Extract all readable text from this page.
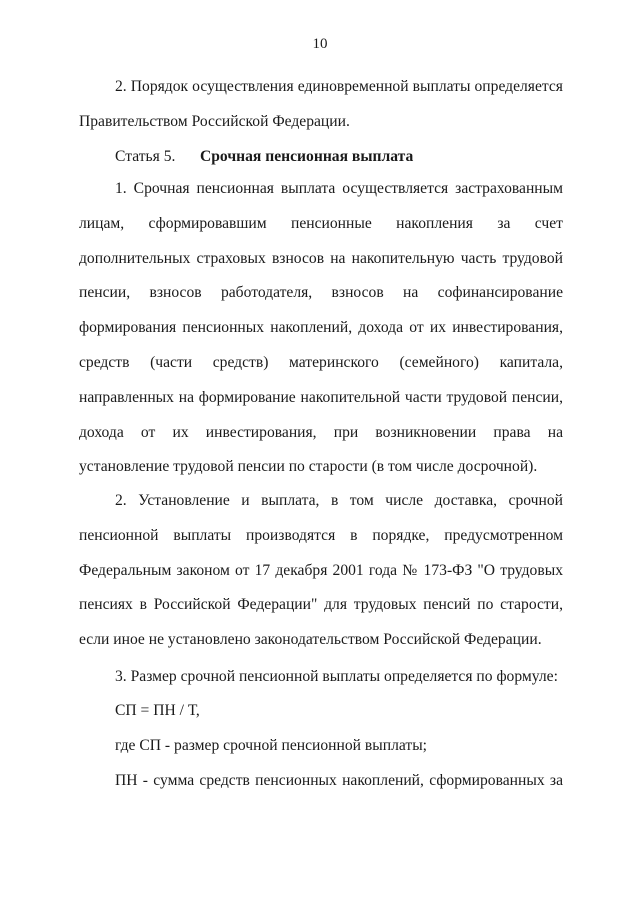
10

2. Порядок осуществления единовременной выплаты определяется Правительством Российской Федерации.

Статья 5.	Срочная пенсионная выплата

1. Срочная пенсионная выплата осуществляется застрахованным лицам, сформировавшим пенсионные накопления за счет дополнительных страховых взносов на накопительную часть трудовой пенсии, взносов работодателя, взносов на софинансирование формирования пенсионных накоплений, дохода от их инвестирования, средств (части средств) материнского (семейного) капитала, направленных на формирование накопительной части трудовой пенсии, дохода от их инвестирования, при возникновении права на установление трудовой пенсии по старости (в том числе досрочной).

2. Установление и выплата, в том числе доставка, срочной пенсионной выплаты производятся в порядке, предусмотренном Федеральным законом от 17 декабря 2001 года № 173-ФЗ "О трудовых пенсиях в Российской Федерации" для трудовых пенсий по старости, если иное не установлено законодательством Российской Федерации.

3. Размер срочной пенсионной выплаты определяется по формуле:

СП = ПН / Т,

где СП - размер срочной пенсионной выплаты;

ПН - сумма средств пенсионных накоплений, сформированных за
